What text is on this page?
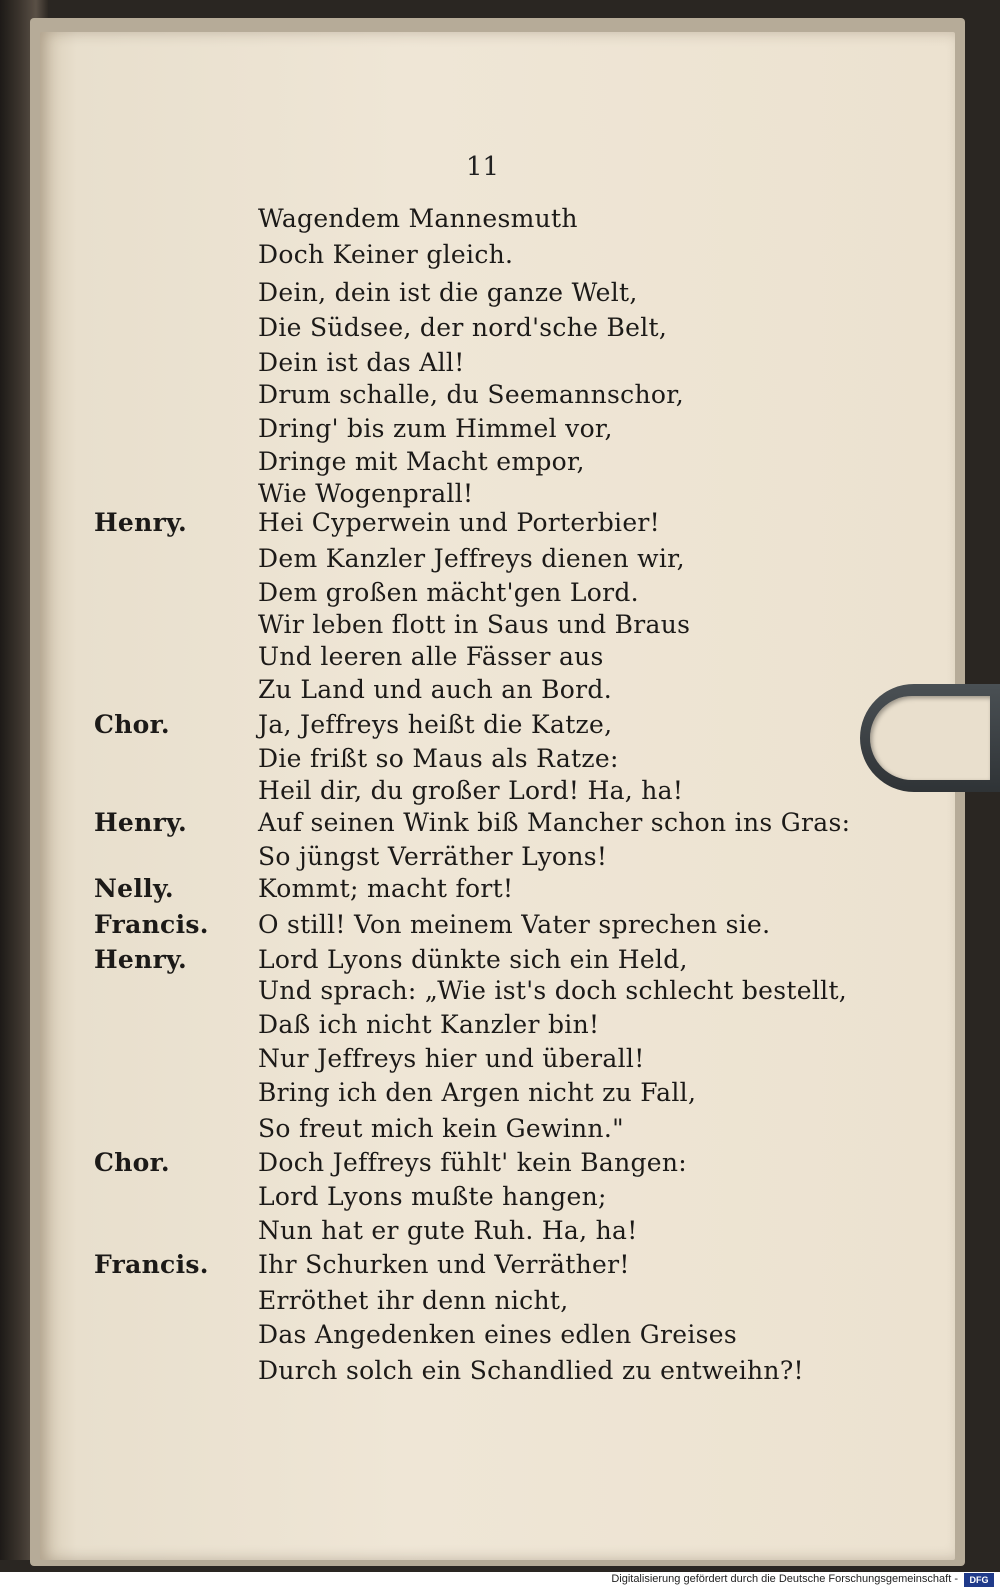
11
Wagendem Mannesmuth
Doch Keiner gleich.
Dein, dein ist die ganze Welt,
Die Südsee, der nord'sche Belt,
Dein ist das All!
Drum schalle, du Seemannschor,
Dring' bis zum Himmel vor,
Dringe mit Macht empor,
Wie Wogenprall!
Henry.	Hei Cyperwein und Porterbier!
Dem Kanzler Jeffreys dienen wir,
Dem großen mächt'gen Lord.
Wir leben flott in Saus und Braus
Und leeren alle Fässer aus
Zu Land und auch an Bord.
Chor.	Ja, Jeffreys heißt die Katze,
Die frißt so Maus als Ratze:
Heil dir, du großer Lord! Ha, ha!
Henry.	Auf seinen Wink biß Mancher schon ins Gras:
So jüngst Verräther Lyons!
Nelly.	Kommt; macht fort!
Francis. O still! Von meinem Vater sprechen sie.
Henry.	Lord Lyons dünkte sich ein Held,
Und sprach: „Wie ist's doch schlecht bestellt,
Daß ich nicht Kanzler bin!
Nur Jeffreys hier und überall!
Bring ich den Argen nicht zu Fall,
So freut mich kein Gewinn."
Chor.	Doch Jeffreys fühlt' kein Bangen:
Lord Lyons mußte hangen;
Nun hat er gute Ruh. Ha, ha!
Francis. Ihr Schurken und Verräther!
Erröthet ihr denn nicht,
Das Angedenken eines edlen Greises
Durch solch ein Schandlied zu entweihn?!
Digitalisierung gefördert durch die Deutsche Forschungsgemeinschaft -	DFG
